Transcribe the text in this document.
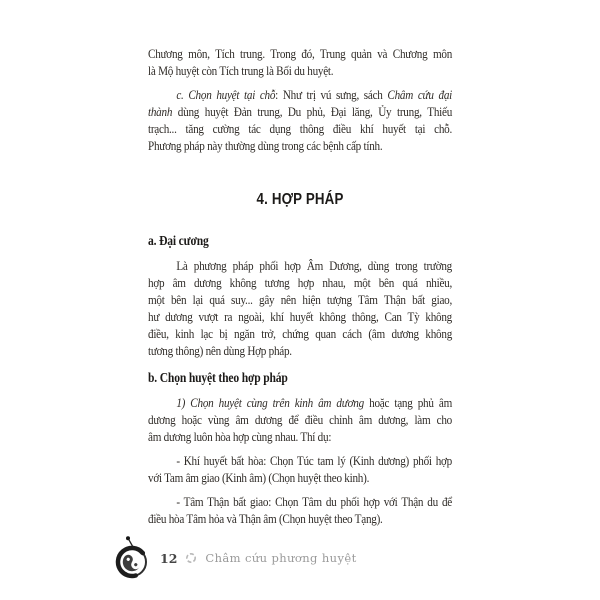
Chương môn, Tích trung. Trong đó, Trung quản và Chương môn
là Mộ huyệt còn Tích trung là Bối du huyệt.
c. Chọn huyệt tại chỗ: Như trị vú sưng, sách Châm cứu đại
thành dùng huyệt Đản trung, Du phủ, Đại lăng, Ủy trung, Thiếu
trạch... tăng cường tác dụng thông điều khí huyết tại chỗ.
Phương pháp này thường dùng trong các bệnh cấp tính.
4. HỢP PHÁP
a. Đại cương
Là phương pháp phối hợp Âm Dương, dùng trong trường
hợp âm dương không tương hợp nhau, một bên quá nhiều,
một bên lại quá suy... gây nên hiện tượng Tâm Thận bất giao,
hư dương vượt ra ngoài, khí huyết không thông, Can Tỳ không
điều, kinh lạc bị ngăn trở, chứng quan cách (âm dương không
tương thông) nên dùng Hợp pháp.
b. Chọn huyệt theo hợp pháp
1) Chọn huyệt cùng trên kinh âm dương hoặc tạng phủ âm
dương hoặc vùng âm dương để điều chỉnh âm dương, làm cho
âm dương luôn hòa hợp cùng nhau. Thí dụ:
- Khí huyết bất hòa: Chọn Túc tam lý (Kinh dương) phối hợp
với Tam âm giao (Kinh âm) (Chọn huyệt theo kinh).
- Tâm Thận bất giao: Chọn Tâm du phối hợp với Thận du để
điều hòa Tâm hỏa và Thận âm (Chọn huyệt theo Tạng).
12 Châm cứu phương huyệt
